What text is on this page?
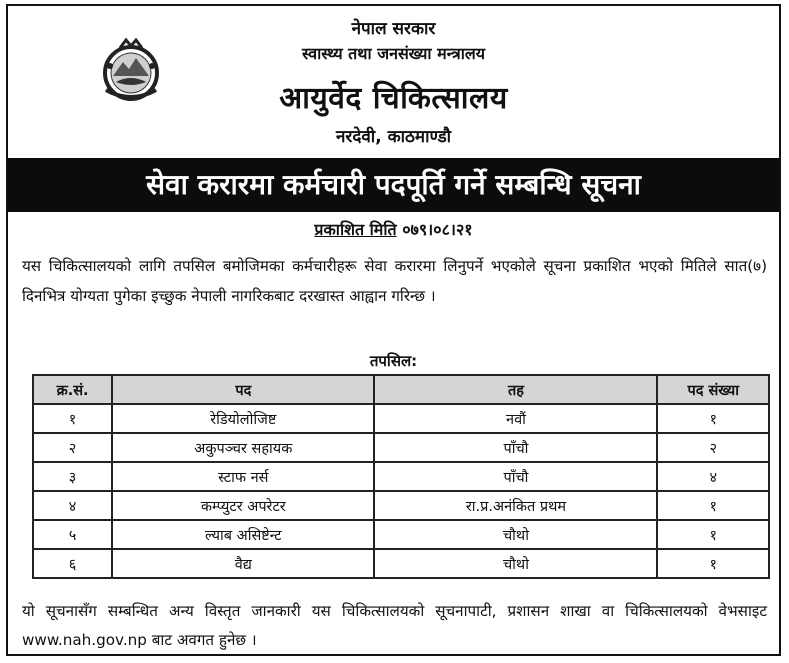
नेपाल सरकार
स्वास्थ्य तथा जनसंख्या मन्त्रालय
आयुर्वेद चिकित्सालय
नरदेवी, काठमाण्डौ
सेवा करारमा कर्मचारी पदपूर्ति गर्ने सम्बन्धि सूचना
प्रकाशित मिति ०७९।०८।२१
यस चिकित्सालयको लागि तपसिल बमोजिमका कर्मचारीहरू सेवा करारमा लिनुपर्ने भएकोले सूचना प्रकाशित भएको मितिले सात(७) दिनभित्र योग्यता पुगेका इच्छुक नेपाली नागरिकबाट दरखास्त आह्वान गरिन्छ ।
तपसिल:
क्र.सं.	पद	तह	पद संख्या
१	रेडियोलोजिष्ट	नवौं	१
२	अकुपञ्चर सहायक	पाँचौ	२
३	स्टाफ नर्स	पाँचौ	४
४	कम्प्युटर अपरेटर	रा.प्र.अनंकित प्रथम	१
५	ल्याब असिष्टेन्ट	चौथो	१
६	वैद्य	चौथो	१
यो सूचनासँग सम्बन्धित अन्य विस्तृत जानकारी यस चिकित्सालयको सूचनापाटी, प्रशासन शाखा वा चिकित्सालयको वेभसाइट www.nah.gov.np बाट अवगत हुनेछ ।
